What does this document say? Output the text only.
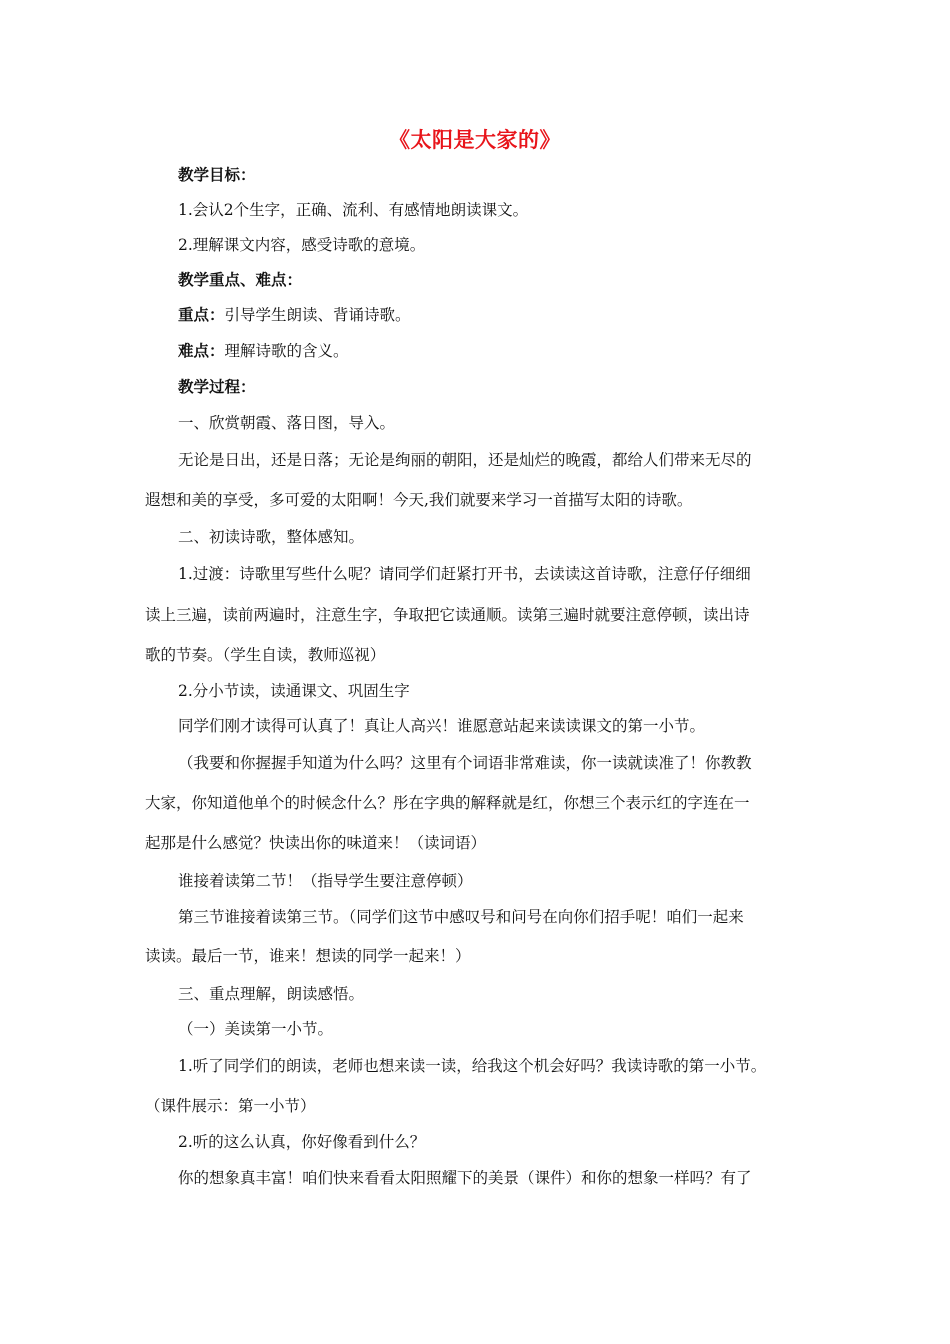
《太阳是大家的》
教学目标：
1.会认2个生字，正确、流利、有感情地朗读课文。
2.理解课文内容，感受诗歌的意境。
教学重点、难点：
重点：引导学生朗读、背诵诗歌。
难点：理解诗歌的含义。
教学过程：
一、欣赏朝霞、落日图，导入。
无论是日出，还是日落；无论是绚丽的朝阳，还是灿烂的晚霞，都给人们带来无尽的
遐想和美的享受，多可爱的太阳啊！今天,我们就要来学习一首描写太阳的诗歌。
二、初读诗歌，整体感知。
1.过渡：诗歌里写些什么呢？请同学们赶紧打开书，去读读这首诗歌，注意仔仔细细
读上三遍，读前两遍时，注意生字，争取把它读通顺。读第三遍时就要注意停顿，读出诗
歌的节奏。（学生自读，教师巡视）
2.分小节读，读通课文、巩固生字
同学们刚才读得可认真了！真让人高兴！谁愿意站起来读读课文的第一小节。
（我要和你握握手知道为什么吗？这里有个词语非常难读，你一读就读准了！你教教
大家，你知道他单个的时候念什么？彤在字典的解释就是红，你想三个表示红的字连在一
起那是什么感觉？快读出你的味道来！（读词语）
谁接着读第二节！（指导学生要注意停顿）
第三节谁接着读第三节。（同学们这节中感叹号和问号在向你们招手呢！咱们一起来
读读。最后一节，谁来！想读的同学一起来！）
三、重点理解，朗读感悟。
（一）美读第一小节。
1.听了同学们的朗读，老师也想来读一读，给我这个机会好吗？我读诗歌的第一小节。
（课件展示：第一小节）
2.听的这么认真，你好像看到什么？
你的想象真丰富！咱们快来看看太阳照耀下的美景（课件）和你的想象一样吗？有了
